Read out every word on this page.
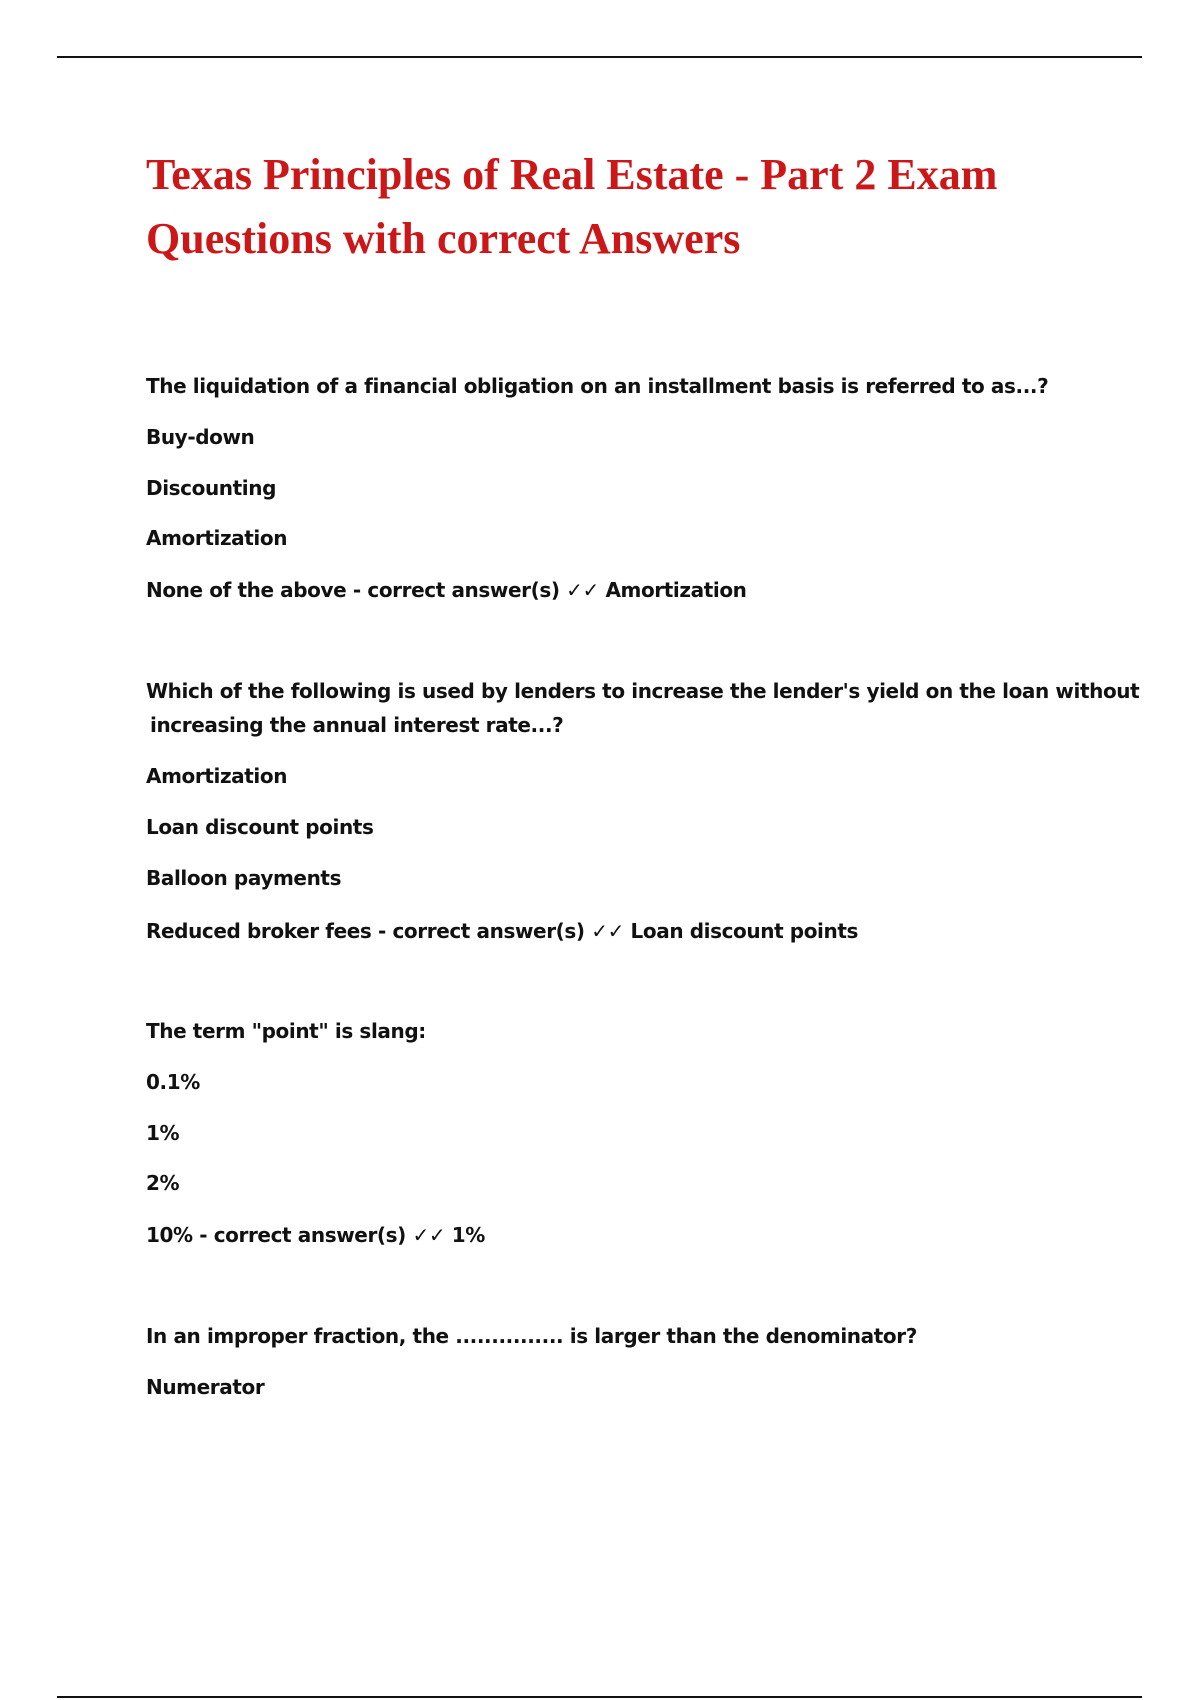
Texas Principles of Real Estate - Part 2 Exam
Questions with correct Answers

The liquidation of a financial obligation on an installment basis is referred to as...?

Buy-down

Discounting

Amortization

None of the above - correct answer(s) ✓✓ Amortization

Which of the following is used by lenders to increase the lender's yield on the loan without

increasing the annual interest rate...?

Amortization

Loan discount points

Balloon payments

Reduced broker fees - correct answer(s) ✓✓ Loan discount points

The term "point" is slang:

0.1%

1%

2%

10% - correct answer(s) ✓✓ 1%

In an improper fraction, the ............... is larger than the denominator?

Numerator
